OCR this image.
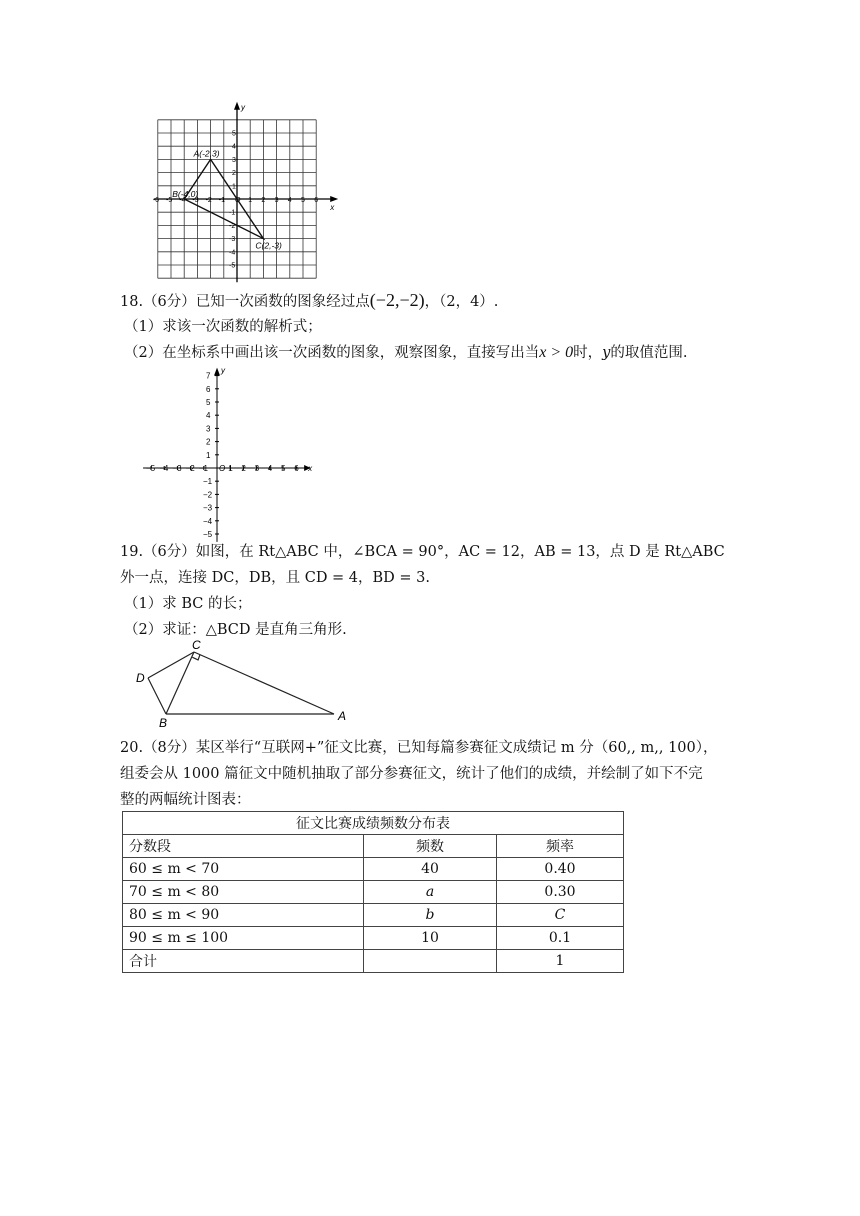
y
x
-6 -5 -4 -3 -2 -1 O 1 2 3 4 5 6
5
4
3
2
1
-1
-2
-3
-4
-5
A(-2,3)
B(-4,0)
C(2,-3)
18.（6分）已知一次函数的图象经过点(−2,−2)，（2，4）.
（1）求该一次函数的解析式；
（2）在坐标系中画出该一次函数的图象，观察图象，直接写出当x > 0时，y的取值范围.
y
x
O
−5 −4 −3 −2 −1	1 2 3 4 5 6
7
6
5
4
3
2
1
−1
−2
−3
−4
−5
19.（6分）如图，在 Rt△ABC 中，∠BCA = 90°，AC = 12，AB = 13，点 D 是 Rt△ABC
外一点，连接 DC，DB，且 CD = 4，BD = 3.
（1）求 BC 的长；
（2）求证：△BCD 是直角三角形.
C
D
B	A
20.（8分）某区举行“互联网+”征文比赛，已知每篇参赛征文成绩记 m 分（60,, m,, 100），
组委会从 1000 篇征文中随机抽取了部分参赛征文，统计了他们的成绩，并绘制了如下不完
整的两幅统计图表：
征文比赛成绩频数分布表		
分数段	频数	频率
60 ≤ m < 70	40	0.40
70 ≤ m < 80	a	0.30
80 ≤ m < 90	b	C
90 ≤ m ≤ 100	10	0.1
合计		1
